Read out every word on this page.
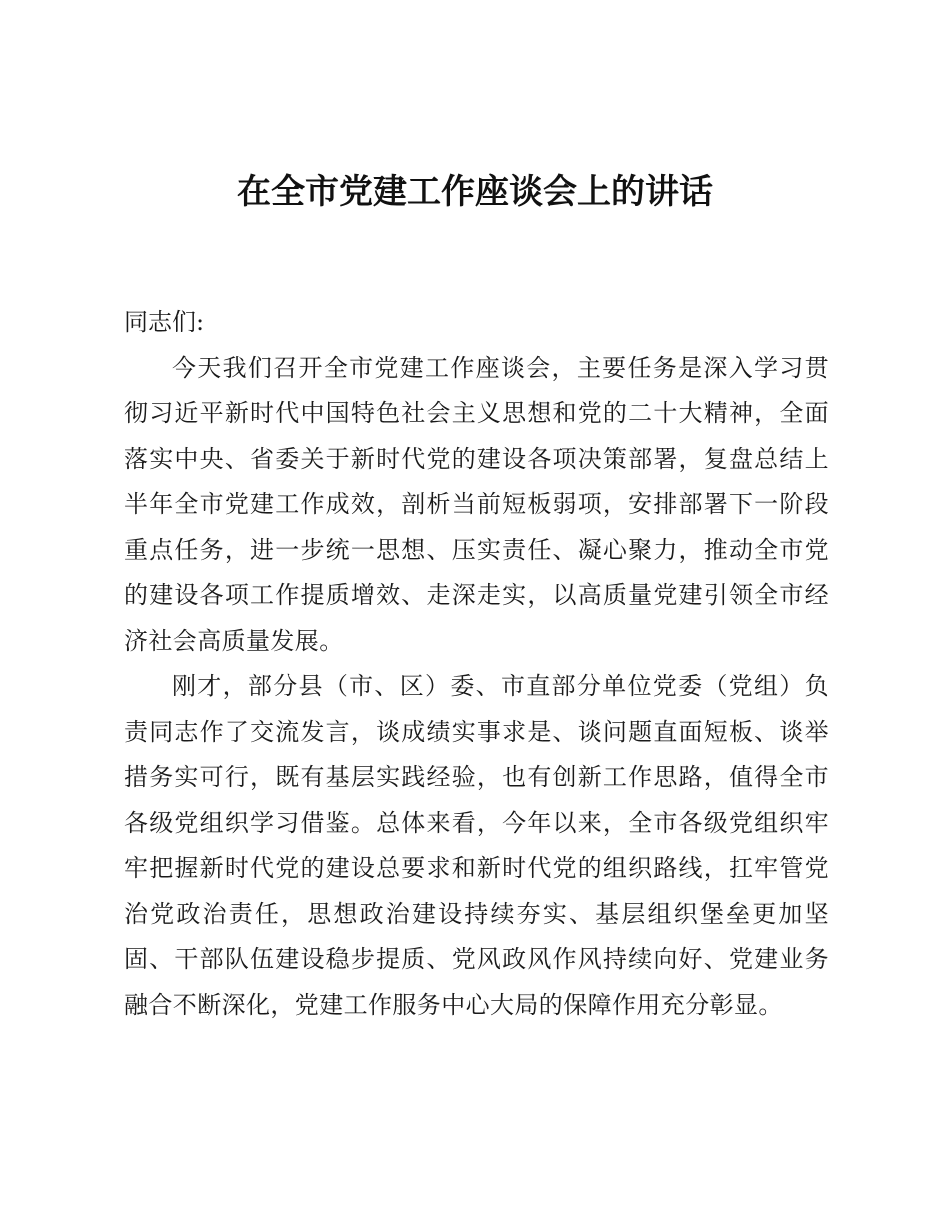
在全市党建工作座谈会上的讲话

同志们:

今天我们召开全市党建工作座谈会，主要任务是深入学习贯彻习近平新时代中国特色社会主义思想和党的二十大精神，全面落实中央、省委关于新时代党的建设各项决策部署，复盘总结上半年全市党建工作成效，剖析当前短板弱项，安排部署下一阶段重点任务，进一步统一思想、压实责任、凝心聚力，推动全市党的建设各项工作提质增效、走深走实，以高质量党建引领全市经济社会高质量发展。

刚才，部分县（市、区）委、市直部分单位党委（党组）负责同志作了交流发言，谈成绩实事求是、谈问题直面短板、谈举措务实可行，既有基层实践经验，也有创新工作思路，值得全市各级党组织学习借鉴。总体来看，今年以来，全市各级党组织牢牢把握新时代党的建设总要求和新时代党的组织路线，扛牢管党治党政治责任，思想政治建设持续夯实、基层组织堡垒更加坚固、干部队伍建设稳步提质、党风政风作风持续向好、党建业务融合不断深化，党建工作服务中心大局的保障作用充分彰显。
